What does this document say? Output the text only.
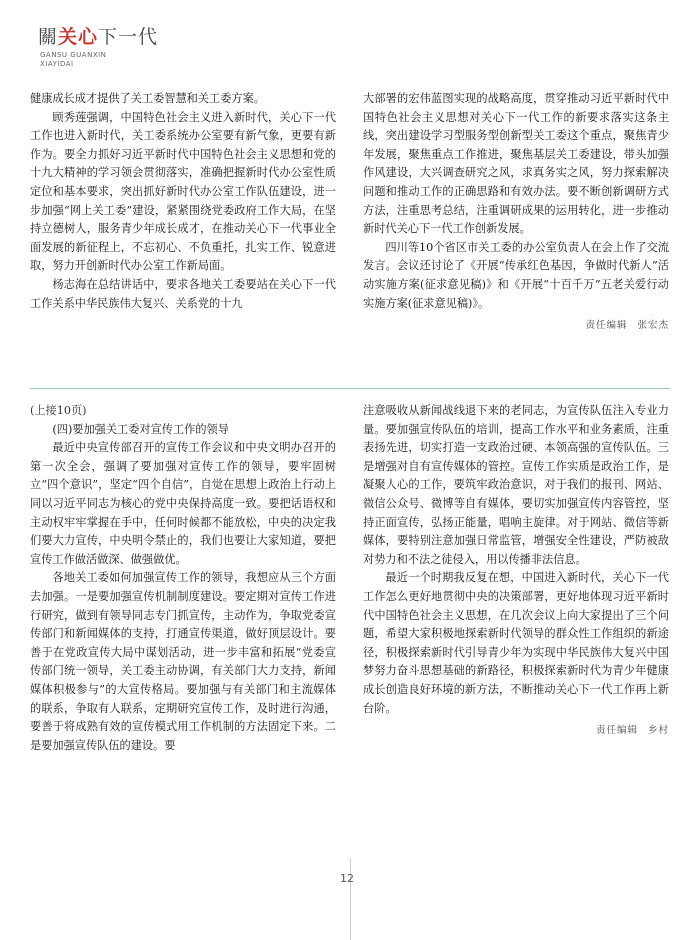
關关心下一代
GANSU GUANXIN
XIAYIDAI

健康成长成才提供了关工委智慧和关工委方案。

顾秀莲强调，中国特色社会主义进入新时代，关心下一代工作也进入新时代，关工委系统办公室要有新气象，更要有新作为。要全力抓好习近平新时代中国特色社会主义思想和党的十九大精神的学习领会贯彻落实，准确把握新时代办公室性质定位和基本要求，突出抓好新时代办公室工作队伍建设，进一步加强“网上关工委”建设，紧紧围绕党委政府工作大局，在坚持立德树人，服务青少年成长成才，在推动关心下一代事业全面发展的新征程上，不忘初心、不负重托，扎实工作、锐意进取，努力开创新时代办公室工作新局面。

杨志海在总结讲话中，要求各地关工委要站在关心下一代工作关系中华民族伟大复兴、关系党的十九

大部署的宏伟蓝图实现的战略高度，贯穿推动习近平新时代中国特色社会主义思想对关心下一代工作的新要求落实这条主线，突出建设学习型服务型创新型关工委这个重点，聚焦青少年发展，聚焦重点工作推进，聚焦基层关工委建设，带头加强作风建设，大兴调查研究之风，求真务实之风，努力探索解决问题和推动工作的正确思路和有效办法。要不断创新调研方式方法，注重思考总结，注重调研成果的运用转化，进一步推动新时代关心下一代工作创新发展。

四川等10个省区市关工委的办公室负责人在会上作了交流发言。会议还讨论了《开展“传承红色基因，争做时代新人”活动实施方案(征求意见稿)》和《开展“十百千万”五老关爱行动实施方案(征求意见稿)》。

责任编辑 张宏杰

(上接10页)

(四)要加强关工委对宣传工作的领导

最近中央宣传部召开的宣传工作会议和中央文明办召开的第一次全会，强调了要加强对宣传工作的领导，要牢固树立“四个意识”，坚定“四个自信”，自觉在思想上政治上行动上同以习近平同志为核心的党中央保持高度一致。要把话语权和主动权牢牢掌握在手中，任何时候都不能放松，中央的决定我们要大力宣传，中央明令禁止的，我们也要让大家知道，要把宣传工作做活做深、做强做优。

各地关工委如何加强宣传工作的领导，我想应从三个方面去加强。一是要加强宣传机制制度建设。要定期对宣传工作进行研究，做到有领导同志专门抓宣传，主动作为，争取党委宣传部门和新闻媒体的支持，打通宣传渠道，做好顶层设计。要善于在党政宣传大局中谋划活动，进一步丰富和拓展“党委宣传部门统一领导，关工委主动协调，有关部门大力支持，新闻媒体积极参与”的大宣传格局。要加强与有关部门和主流媒体的联系，争取有人联系，定期研究宣传工作，及时进行沟通，要善于将成熟有效的宣传模式用工作机制的方法固定下来。二是要加强宣传队伍的建设。要

注意吸收从新闻战线退下来的老同志，为宣传队伍注入专业力量。要加强宣传队伍的培训，提高工作水平和业务素质，注重表扬先进，切实打造一支政治过硬、本领高强的宣传队伍。三是增强对自有宣传媒体的管控。宣传工作实质是政治工作，是凝聚人心的工作，要筑牢政治意识，对于我们的报刊、网站、微信公众号、微博等自有媒体，要切实加强宣传内容管控，坚持正面宣传，弘扬正能量，唱响主旋律。对于网站、微信等新媒体，要特别注意加强日常监管，增强安全性建设，严防被敌对势力和不法之徒侵入，用以传播非法信息。

最近一个时期我反复在想，中国进入新时代，关心下一代工作怎么更好地贯彻中央的决策部署，更好地体现习近平新时代中国特色社会主义思想，在几次会议上向大家提出了三个问题，希望大家积极地探索新时代领导的群众性工作组织的新途径，积极探索新时代引导青少年为实现中华民族伟大复兴中国梦努力奋斗思想基础的新路径，积极探索新时代为青少年健康成长创造良好环境的新方法，不断推动关心下一代工作再上新台阶。

责任编辑 乡村
12
